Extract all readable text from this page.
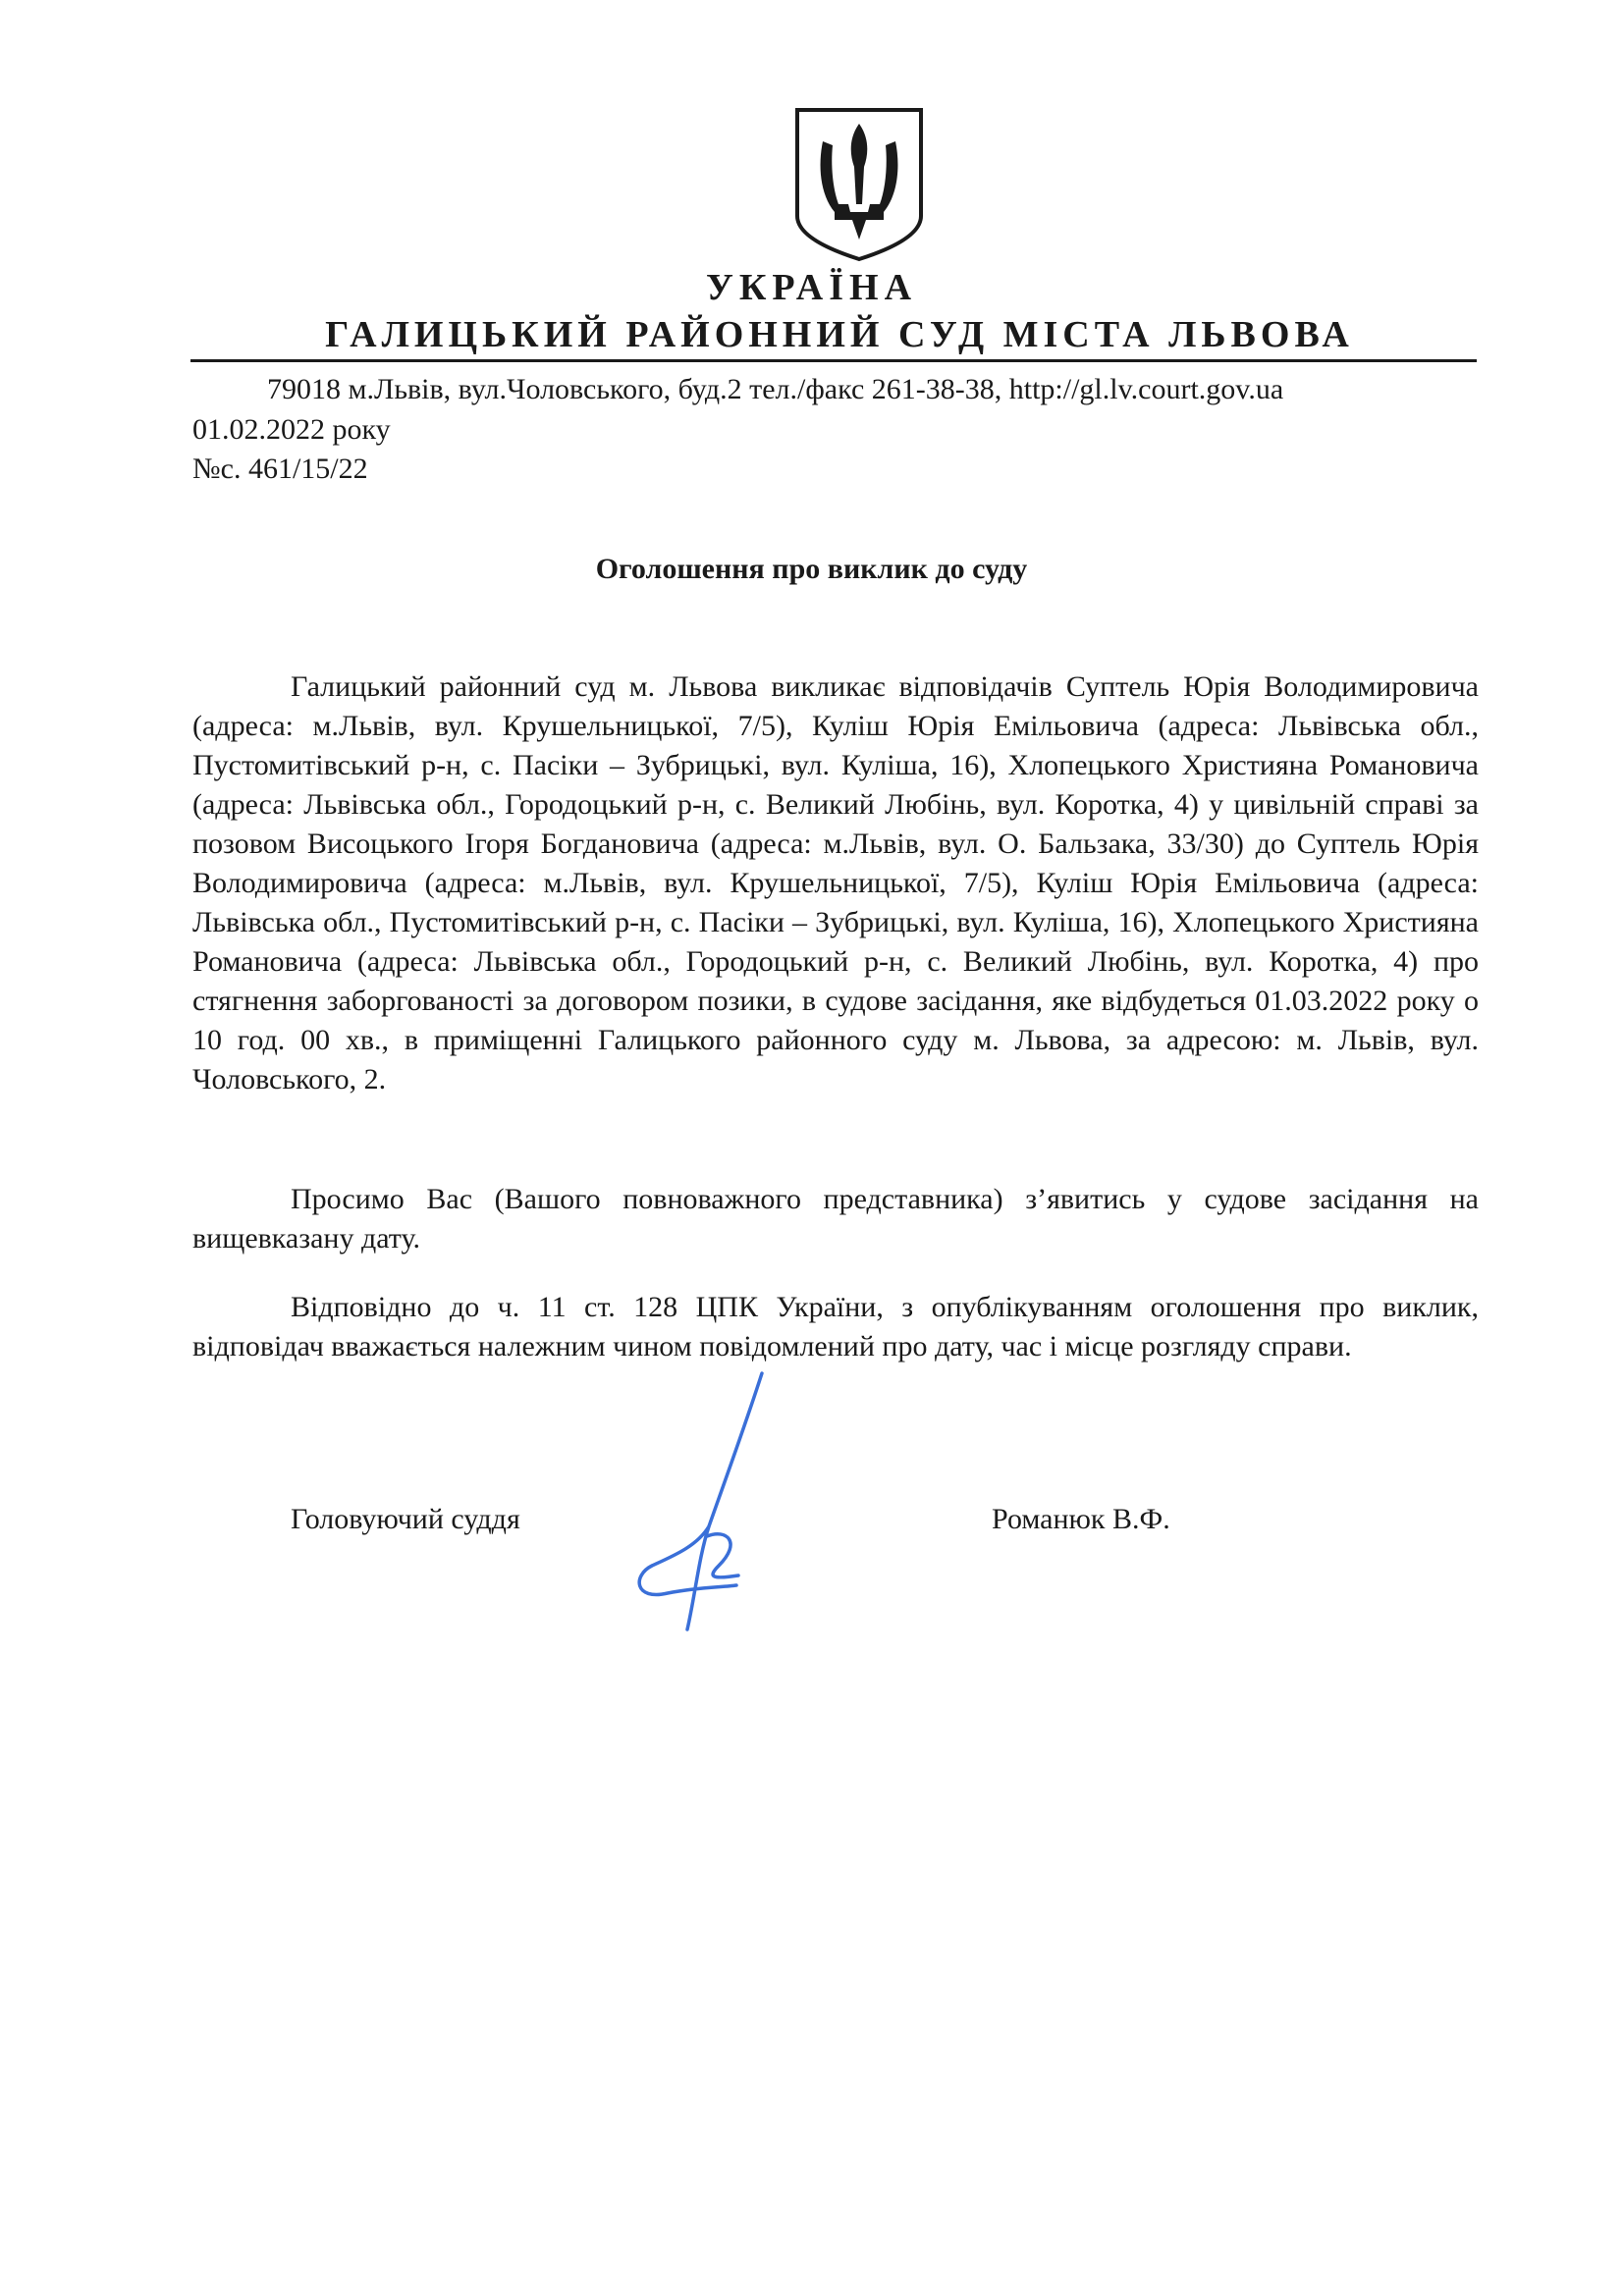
УКРАЇНА
ГАЛИЦЬКИЙ РАЙОННИЙ СУД МІСТА ЛЬВОВА
79018 м.Львів, вул.Чоловського, буд.2 тел./факс 261-38-38, http://gl.lv.court.gov.ua
01.02.2022 року
№с. 461/15/22
Оголошення про виклик до суду
Галицький районний суд м. Львова викликає відповідачів Суптель Юрія Володимировича (адреса: м.Львів, вул. Крушельницької, 7/5), Куліш Юрія Емільовича (адреса: Львівська обл., Пустомитівський р-н, с. Пасіки – Зубрицькі, вул. Куліша, 16), Хлопецького Християна Романовича (адреса: Львівська обл., Городоцький р-н, с. Великий Любінь, вул. Коротка, 4) у цивільній справі за позовом Висоцького Ігоря Богдановича (адреса: м.Львів, вул. О. Бальзака, 33/30) до Суптель Юрія Володимировича (адреса: м.Львів, вул. Крушельницької, 7/5), Куліш Юрія Емільовича (адреса: Львівська обл., Пустомитівський р-н, с. Пасіки – Зубрицькі, вул. Куліша, 16), Хлопецького Християна Романовича (адреса: Львівська обл., Городоцький р-н, с. Великий Любінь, вул. Коротка, 4) про стягнення заборгованості за договором позики, в судове засідання, яке відбудеться 01.03.2022 року о 10 год. 00 хв., в приміщенні Галицького районного суду м. Львова, за адресою: м. Львів, вул. Чоловського, 2.
Просимо Вас (Вашого повноважного представника) з’явитись у судове засідання на вищевказану дату.
Відповідно до ч. 11 ст. 128 ЦПК України, з опублікуванням оголошення про виклик, відповідач вважається належним чином повідомлений про дату, час і місце розгляду справи.
Головуючий суддя	Романюк В.Ф.
